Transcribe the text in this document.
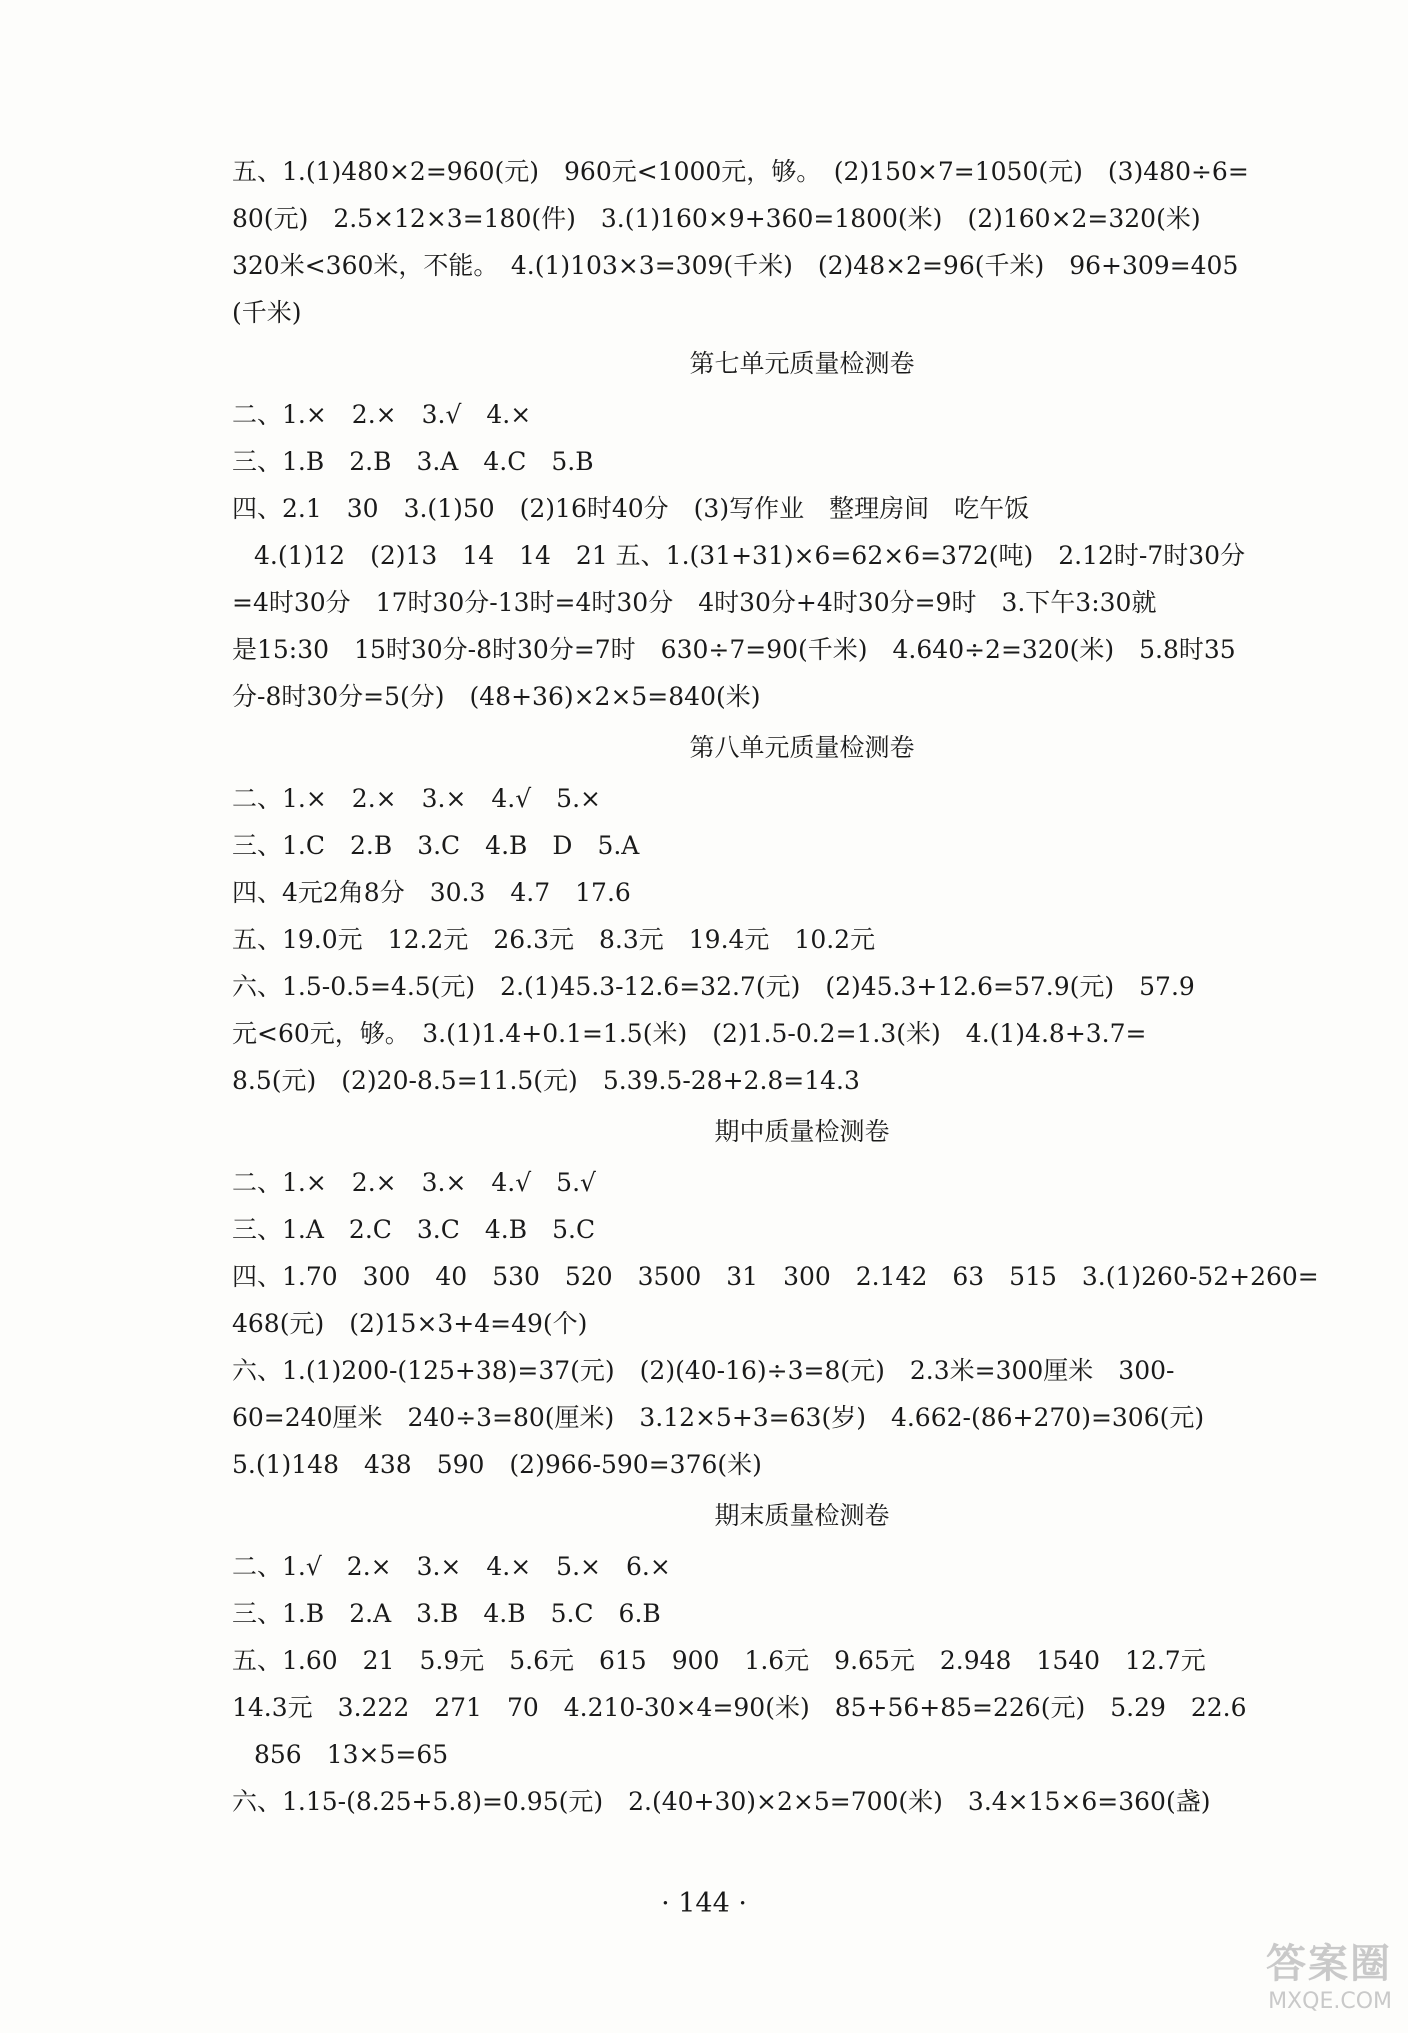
五、1.(1)480×2=960(元)　960元<1000元，够。　(2)150×7=1050(元)　(3)480÷6=
80(元)　2.5×12×3=180(件)　3.(1)160×9+360=1800(米)　(2)160×2=320(米)
320米<360米，不能。　4.(1)103×3=309(千米)　(2)48×2=96(千米)　96+309=405
(千米)
第七单元质量检测卷
二、1.×　2.×　3.√　4.×
三、1.B　2.B　3.A　4.C　5.B
四、2.1　30　3.(1)50　(2)16时40分　(3)写作业　整理房间　吃午饭
4.(1)12　(2)13　14　14　21 五、1.(31+31)×6=62×6=372(吨)　2.12时-7时30分
=4时30分　17时30分-13时=4时30分　4时30分+4时30分=9时　3.下午3:30就
是15:30　15时30分-8时30分=7时　630÷7=90(千米)　4.640÷2=320(米)　5.8时35
分-8时30分=5(分)　(48+36)×2×5=840(米)
第八单元质量检测卷
二、1.×　2.×　3.×　4.√　5.×
三、1.C　2.B　3.C　4.B　D　5.A
四、4元2角8分　30.3　4.7　17.6
五、19.0元　12.2元　26.3元　8.3元　19.4元　10.2元
六、1.5-0.5=4.5(元)　2.(1)45.3-12.6=32.7(元)　(2)45.3+12.6=57.9(元)　57.9
元<60元，够。　3.(1)1.4+0.1=1.5(米)　(2)1.5-0.2=1.3(米)　4.(1)4.8+3.7=
8.5(元)　(2)20-8.5=11.5(元)　5.39.5-28+2.8=14.3
期中质量检测卷
二、1.×　2.×　3.×　4.√　5.√
三、1.A　2.C　3.C　4.B　5.C
四、1.70　300　40　530　520　3500　31　300　2.142　63　515　3.(1)260-52+260=
468(元)　(2)15×3+4=49(个)
六、1.(1)200-(125+38)=37(元)　(2)(40-16)÷3=8(元)　2.3米=300厘米　300-
60=240厘米　240÷3=80(厘米)　3.12×5+3=63(岁)　4.662-(86+270)=306(元)
5.(1)148　438　590　(2)966-590=376(米)
期末质量检测卷
二、1.√　2.×　3.×　4.×　5.×　6.×
三、1.B　2.A　3.B　4.B　5.C　6.B
五、1.60　21　5.9元　5.6元　615　900　1.6元　9.65元　2.948　1540　12.7元
14.3元　3.222　271　70　4.210-30×4=90(米)　85+56+85=226(元)　5.29　22.6
856　13×5=65
六、1.15-(8.25+5.8)=0.95(元)　2.(40+30)×2×5=700(米)　3.4×15×6=360(盏)
· 144 ·
答案圈
MXQE.COM
